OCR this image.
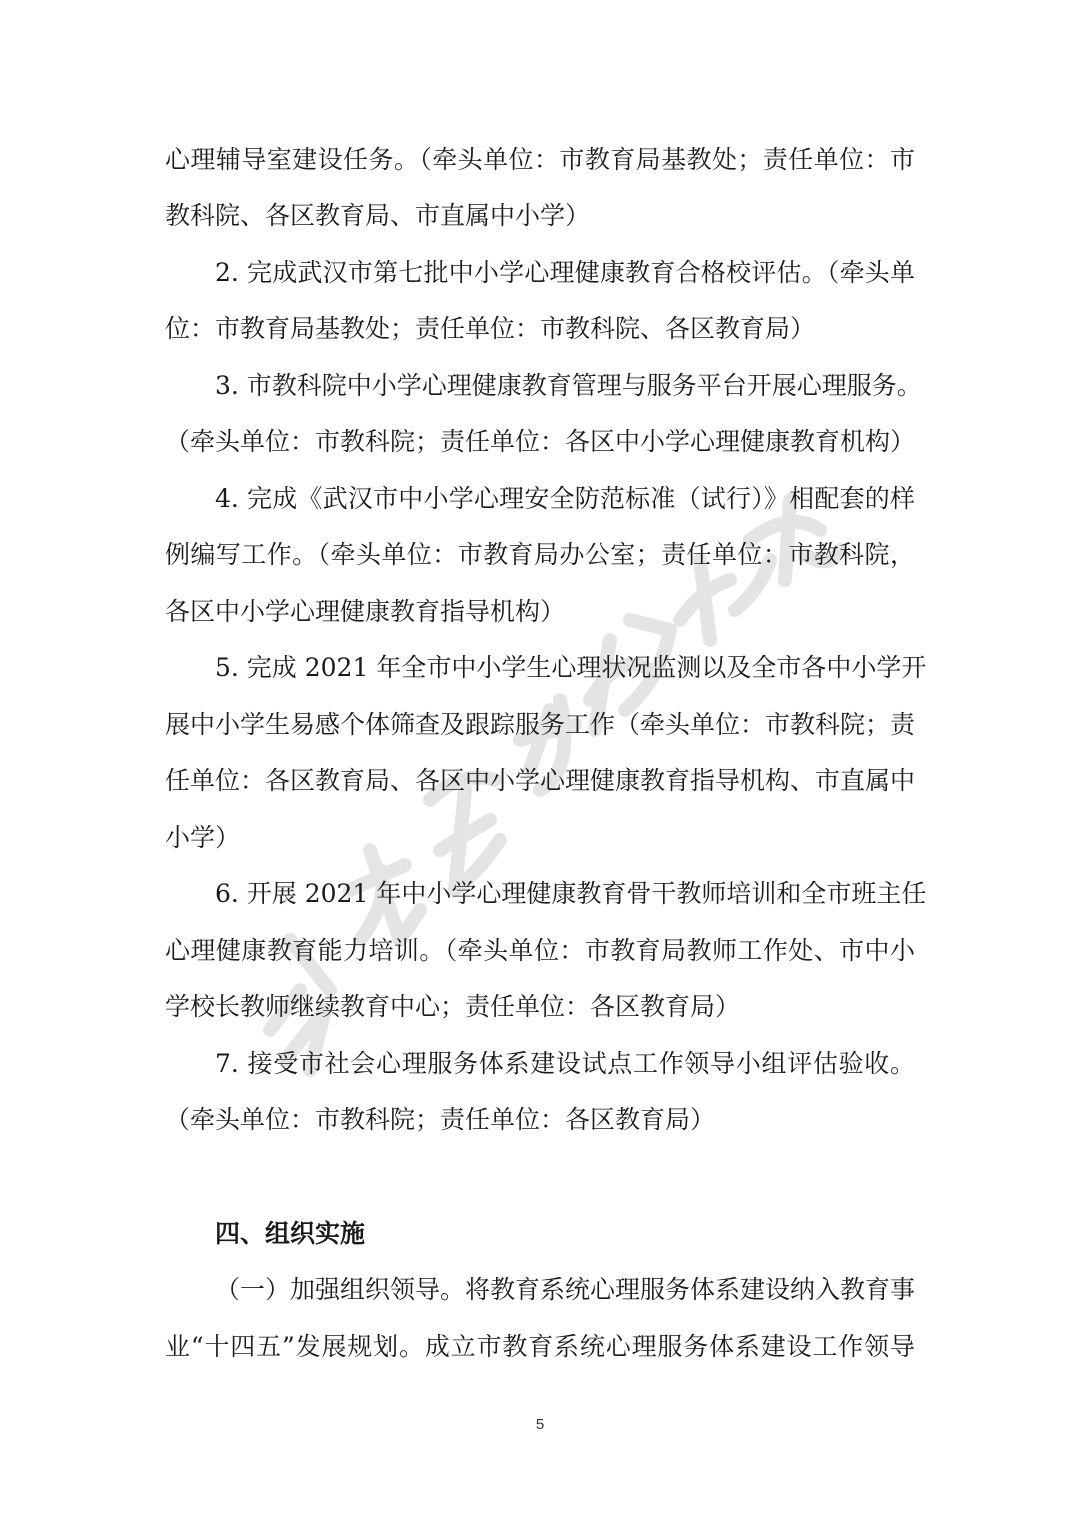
心理辅导室建设任务。（牵头单位：市教育局基教处；责任单位：市
教科院、各区教育局、市直属中小学）
2. 完成武汉市第七批中小学心理健康教育合格校评估。（牵头单
位：市教育局基教处；责任单位：市教科院、各区教育局）
3. 市教科院中小学心理健康教育管理与服务平台开展心理服务。
（牵头单位：市教科院；责任单位：各区中小学心理健康教育机构）
4. 完成《武汉市中小学心理安全防范标准（试行）》相配套的样
例编写工作。（牵头单位：市教育局办公室；责任单位：市教科院，
各区中小学心理健康教育指导机构）
5. 完成 2021 年全市中小学生心理状况监测以及全市各中小学开
展中小学生易感个体筛查及跟踪服务工作（牵头单位：市教科院；责
任单位：各区教育局、各区中小学心理健康教育指导机构、市直属中
小学）
6. 开展 2021 年中小学心理健康教育骨干教师培训和全市班主任
心理健康教育能力培训。（牵头单位：市教育局教师工作处、市中小
学校长教师继续教育中心；责任单位：各区教育局）
7. 接受市社会心理服务体系建设试点工作领导小组评估验收。
（牵头单位：市教科院；责任单位：各区教育局）
四、组织实施
（一）加强组织领导。将教育系统心理服务体系建设纳入教育事
业“十四五”发展规划。成立市教育系统心理服务体系建设工作领导
5
